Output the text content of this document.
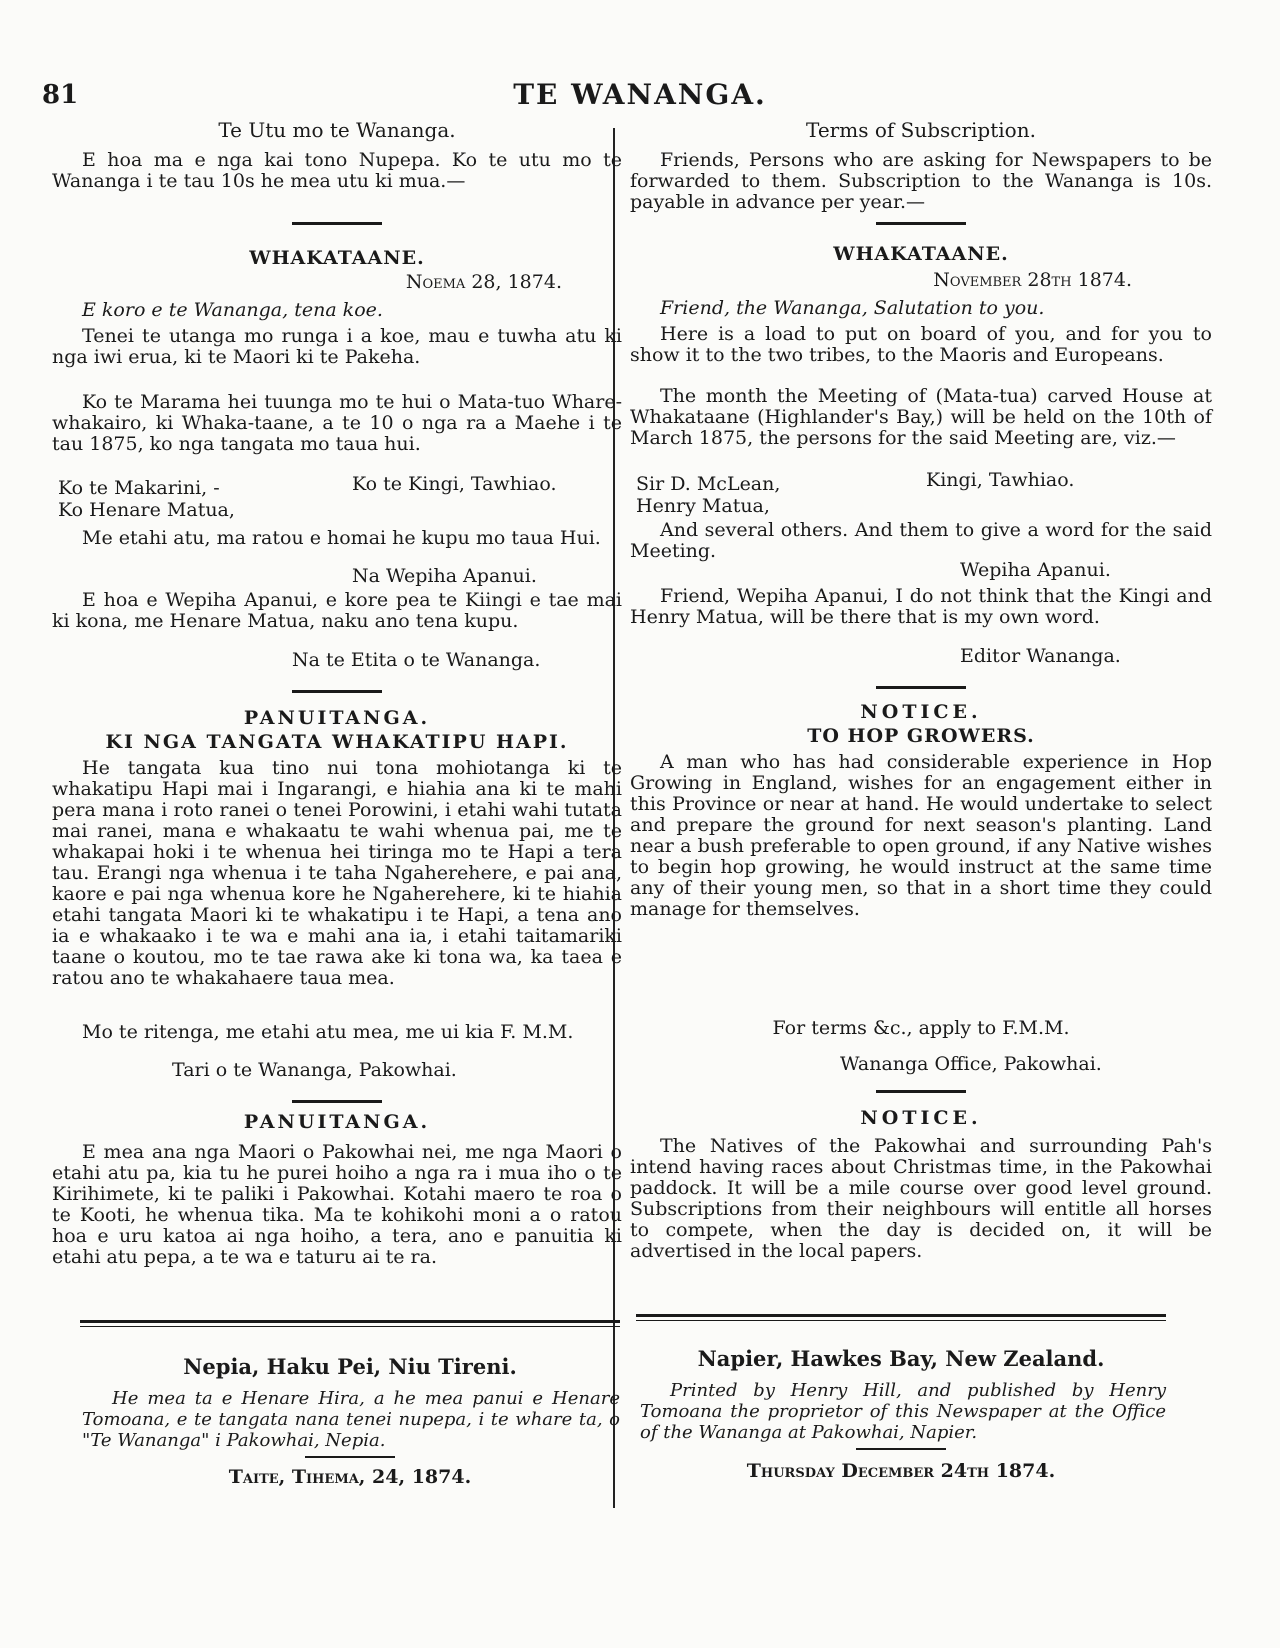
81	TE WANANGA.
Te Utu mo te Wananga.
E hoa ma e nga kai tono Nupepa. Ko te utu mo te Wananga i te tau 10s he mea utu ki mua.—
WHAKATAANE.
Noema 28, 1874.
E koro e te Wananga, tena koe.
Tenei te utanga mo runga i a koe, mau e tuwha atu ki nga iwi erua, ki te Maori ki te Pakeha.
Ko te Marama hei tuunga mo te hui o Mata-tuo Whare-whakairo, ki Whaka-taane, a te 10 o nga ra a Maehe i te tau 1875, ko nga tangata mo taua hui.
Ko te Makarini, -	Ko te Kingi, Tawhiao.
Ko Henare Matua,
Me etahi atu, ma ratou e homai he kupu mo taua Hui.
Na Wepiha Apanui.
E hoa e Wepiha Apanui, e kore pea te Kiingi e tae mai ki kona, me Henare Matua, naku ano tena kupu.
Na te Etita o te Wananga.
PANUITANGA.
KI NGA TANGATA WHAKATIPU HAPI.
He tangata kua tino nui tona mohiotanga ki te whakatipu Hapi mai i Ingarangi, e hiahia ana ki te mahi pera mana i roto ranei o tenei Porowini, i etahi wahi tutata mai ranei, mana e whakaatu te wahi whenua pai, me te whakapai hoki i te whenua hei tiringa mo te Hapi a tera tau. Erangi nga whenua i te taha Ngaherehere, e pai ana, kaore e pai nga whenua kore he Ngaherehere, ki te hiahia etahi tangata Maori ki te whakatipu i te Hapi, a tena ano ia e whakaako i te wa e mahi ana ia, i etahi taitamariki taane o koutou, mo te tae rawa ake ki tona wa, ka taea e ratou ano te whakahaere taua mea.
Mo te ritenga, me etahi atu mea, me ui kia F. M.M.
Tari o te Wananga, Pakowhai.
PANUITANGA.
E mea ana nga Maori o Pakowhai nei, me nga Maori o etahi atu pa, kia tu he purei hoiho a nga ra i mua iho o te Kirihimete, ki te paliki i Pakowhai. Kotahi maero te roa o te Kooti, he whenua tika. Ma te kohikohi moni a o ratou hoa e uru katoa ai nga hoiho, a tera, ano e panuitia ki etahi atu pepa, a te wa e taturu ai te ra.
Terms of Subscription.
Friends, Persons who are asking for Newspapers to be forwarded to them. Subscription to the Wananga is 10s. payable in advance per year.—
WHAKATAANE.
November 28th 1874.
Friend, the Wananga, Salutation to you.
Here is a load to put on board of you, and for you to show it to the two tribes, to the Maoris and Europeans.
The month the Meeting of (Mata-tua) carved House at Whakataane (Highlander's Bay,) will be held on the 10th of March 1875, the persons for the said Meeting are, viz.—
Sir D. McLean,	Kingi, Tawhiao.
Henry Matua,
And several others. And them to give a word for the said Meeting.
Wepiha Apanui.
Friend, Wepiha Apanui, I do not think that the Kingi and Henry Matua, will be there that is my own word.
Editor Wananga.
NOTICE.
TO HOP GROWERS.
A man who has had considerable experience in Hop Growing in England, wishes for an engagement either in this Province or near at hand. He would undertake to select and prepare the ground for next season's planting. Land near a bush preferable to open ground, if any Native wishes to begin hop growing, he would instruct at the same time any of their young men, so that in a short time they could manage for themselves.
For terms &c., apply to F.M.M.
Wananga Office, Pakowhai.
NOTICE.
The Natives of the Pakowhai and surrounding Pah's intend having races about Christmas time, in the Pakowhai paddock. It will be a mile course over good level ground. Subscriptions from their neighbours will entitle all horses to compete, when the day is decided on, it will be advertised in the local papers.
Nepia, Haku Pei, Niu Tireni.
He mea ta e Henare Hira, a he mea panui e Henare Tomoana, e te tangata nana tenei nupepa, i te whare ta, o "Te Wananga" i Pakowhai, Nepia.
Taite, Tihema, 24, 1874.
Napier, Hawkes Bay, New Zealand.
Printed by Henry Hill, and published by Henry Tomoana the proprietor of this Newspaper at the Office of the Wananga at Pakowhai, Napier.
Thursday December 24th 1874.
